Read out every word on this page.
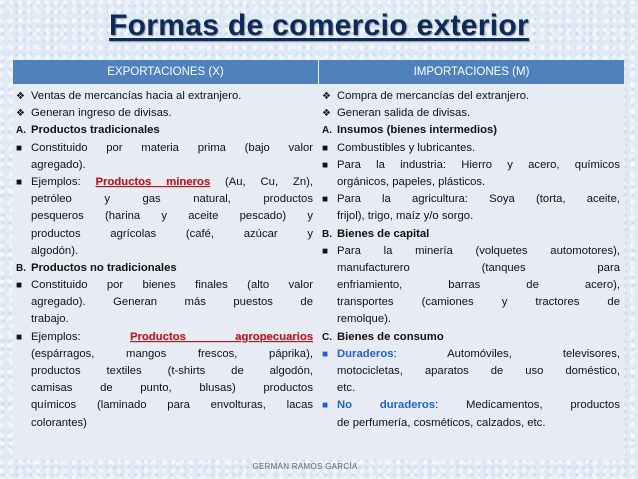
Formas de comercio exterior
EXPORTACIONES (X)	IMPORTACIONES (M)
❖ Ventas de mercancías hacia al extranjero.
❖ Generan ingreso de divisas.
A. Productos tradicionales
■ Constituido por materia prima (bajo valor
agregado).
■ Ejemplos: Productos mineros (Au, Cu, Zn),
petróleo y gas natural, productos
pesqueros (harina y aceite pescado) y
productos agrícolas (café, azúcar y
algodón).
B. Productos no tradicionales
■ Constituido por bienes finales (alto valor
agregado). Generan más puestos de
trabajo.
■ Ejemplos:	Productos agropecuarios
(espárragos, mangos frescos, páprika),
productos textiles (t-shirts de algodón,
camisas de punto, blusas) productos
químicos (laminado para envolturas, lacas
colorantes)
❖ Compra de mercancías del extranjero.
❖ Generan salida de divisas.
A. Insumos (bienes intermedios)
■ Combustibles y lubricantes.
■ Para la industria: Hierro y acero, químicos
orgánicos, papeles, plásticos.
■ Para la agricultura: Soya (torta, aceite,
frijol), trigo, maíz y/o sorgo.
B. Bienes de capital
■ Para la minería (volquetes automotores),
manufacturero (tanques para
enfriamiento, barras de acero),
transportes (camiones y tractores de
remolque).
C. Bienes de consumo
■ Duraderos: Automóviles, televisores,
motocicletas, aparatos de uso doméstico,
etc.
■ No duraderos: Medicamentos, productos
de perfumería, cosméticos, calzados, etc.
GERMÁN RAMOS GARCÍA
